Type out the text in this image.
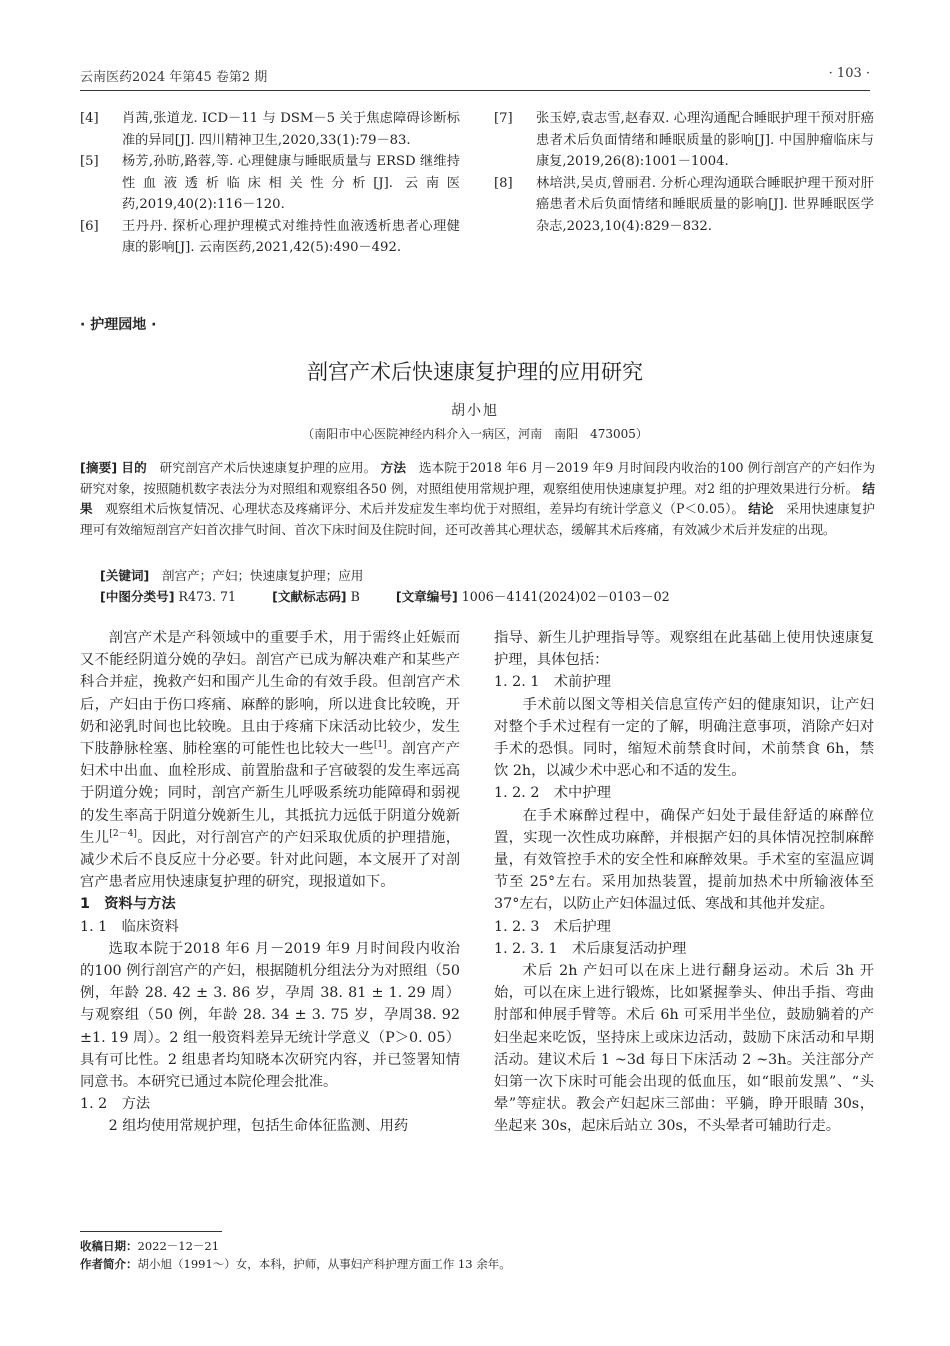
云南医药2024 年第45 卷第2 期	· 103 ·
[4]	肖茜,张道龙. ICD－11 与 DSM－5 关于焦虑障碍诊断标准的异同[J]. 四川精神卫生,2020,33(1):79－83.
[5]	杨芳,孙昉,路蓉,等. 心理健康与睡眠质量与 ERSD 继维持性血液透析临床相关性分析[J]. 云南医药,2019,40(2):116－120.
[6]	王丹丹. 探析心理护理模式对维持性血液透析患者心理健康的影响[J]. 云南医药,2021,42(5):490－492.
[7]	张玉婷,袁志雪,赵春双. 心理沟通配合睡眠护理干预对肝癌患者术后负面情绪和睡眠质量的影响[J]. 中国肿瘤临床与康复,2019,26(8):1001－1004.
[8]	林培洪,吴贞,曾丽君. 分析心理沟通联合睡眠护理干预对肝癌患者术后负面情绪和睡眠质量的影响[J]. 世界睡眠医学杂志,2023,10(4):829－832.
· 护理园地 ·
剖宫产术后快速康复护理的应用研究
胡小旭
（南阳市中心医院神经内科介入一病区，河南　南阳　473005）
[摘要] 目的　 研究剖宫产术后快速康复护理的应用。 方法　 选本院于2018 年6 月－2019 年9 月时间段内收治的100 例行剖宫产的产妇作为研究对象，按照随机数字表法分为对照组和观察组各50 例，对照组使用常规护理，观察组使用快速康复护理。对2 组的护理效果进行分析。 结果　 观察组术后恢复情况、心理状态及疼痛评分、术后并发症发生率均优于对照组，差异均有统计学意义（P＜0.05）。 结论　 采用快速康复护理可有效缩短剖宫产妇首次排气时间、首次下床时间及住院时间，还可改善其心理状态，缓解其术后疼痛，有效减少术后并发症的出现。
[关键词]　 剖宫产；产妇；快速康复护理；应用
[中图分类号] R473. 71	[文献标志码] B	[文章编号] 1006－4141(2024)02－0103－02

剖宫产术是产科领域中的重要手术，用于需终止妊娠而又不能经阴道分娩的孕妇。剖宫产已成为解决难产和某些产科合并症，挽救产妇和围产儿生命的有效手段。但剖宫产术后，产妇由于伤口疼痛、麻醉的影响，所以进食比较晚，开奶和泌乳时间也比较晚。且由于疼痛下床活动比较少，发生下肢静脉栓塞、肺栓塞的可能性也比较大一些[1]。剖宫产产妇术中出血、血栓形成、前置胎盘和子宫破裂的发生率远高于阴道分娩；同时，剖宫产新生儿呼吸系统功能障碍和弱视的发生率高于阴道分娩新生儿，其抵抗力远低于阴道分娩新生儿[2－4]。因此，对行剖宫产的产妇采取优质的护理措施，减少术后不良反应十分必要。针对此问题，本文展开了对剖宫产患者应用快速康复护理的研究，现报道如下。

1　资料与方法
1. 1　临床资料

选取本院于2018 年6 月－2019 年9 月时间段内收治的100 例行剖宫产的产妇，根据随机分组法分为对照组（50 例，年龄 28. 42 ± 3. 86 岁，孕周 38. 81 ± 1. 29 周）与观察组（50 例，年龄 28. 34 ± 3. 75 岁，孕周38. 92 ±1. 19 周）。2 组一般资料差异无统计学意义（P＞0. 05）具有可比性。2 组患者均知晓本次研究内容，并已签署知情同意书。本研究已通过本院伦理会批准。

1. 2　方法

2 组均使用常规护理，包括生命体征监测、用药

指导、新生儿护理指导等。观察组在此基础上使用快速康复护理，具体包括：

1. 2. 1　术前护理

手术前以图文等相关信息宣传产妇的健康知识，让产妇对整个手术过程有一定的了解，明确注意事项，消除产妇对手术的恐惧。同时，缩短术前禁食时间，术前禁食 6h，禁饮 2h，以减少术中恶心和不适的发生。

1. 2. 2　术中护理

在手术麻醉过程中，确保产妇处于最佳舒适的麻醉位置，实现一次性成功麻醉，并根据产妇的具体情况控制麻醉量，有效管控手术的安全性和麻醉效果。手术室的室温应调节至 25°左右。采用加热装置，提前加热术中所输液体至 37°左右，以防止产妇体温过低、寒战和其他并发症。

1. 2. 3　术后护理
1. 2. 3. 1　术后康复活动护理

术后 2h 产妇可以在床上进行翻身运动。术后 3h 开始，可以在床上进行锻炼，比如紧握拳头、伸出手指、弯曲肘部和伸展手臂等。术后 6h 可采用半坐位，鼓励躺着的产妇坐起来吃饭，坚持床上或床边活动，鼓励下床活动和早期活动。建议术后 1 ~3d 每日下床活动 2 ~3h。关注部分产妇第一次下床时可能会出现的低血压，如“眼前发黑”、“头晕”等症状。教会产妇起床三部曲：平躺，睁开眼睛 30s，坐起来 30s，起床后站立 30s，不头晕者可辅助行走。

收稿日期：2022－12－21
作者简介：胡小旭（1991～）女，本科，护师，从事妇产科护理方面工作 13 余年。
